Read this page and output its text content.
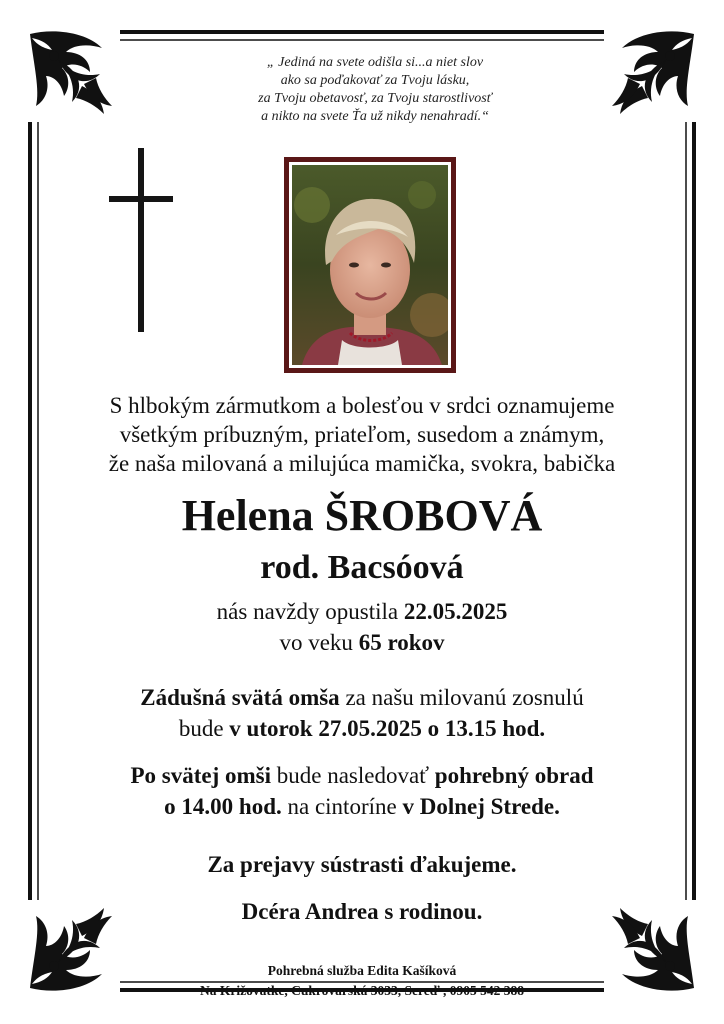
„ Jediná na svete odišla si...a niet slov
ako sa poďakovať za Tvoju lásku,
za Tvoju obetavosť, za Tvoju starostlivosť
a nikto na svete Ťa už nikdy nenahradí.“
S hlbokým zármutkom a bolesťou v srdci oznamujeme
všetkým príbuzným, priateľom, susedom a známym,
že naša milovaná a milujúca mamička, svokra, babička
Helena ŠROBOVÁ
rod. Bacsóová
nás navždy opustila 22.05.2025
vo veku 65 rokov
Zádušná svätá omša za našu milovanú zosnulú
bude v utorok 27.05.2025 o 13.15 hod.
Po svätej omši bude nasledovať pohrebný obrad
o 14.00 hod. na cintoríne v Dolnej Strede.
Za prejavy sústrasti ďakujeme.
Dcéra Andrea s rodinou.
Pohrebná služba Edita Kašíková
Na Križovatke, Cukrovarská 3033, Sereď , 0905 542 388
